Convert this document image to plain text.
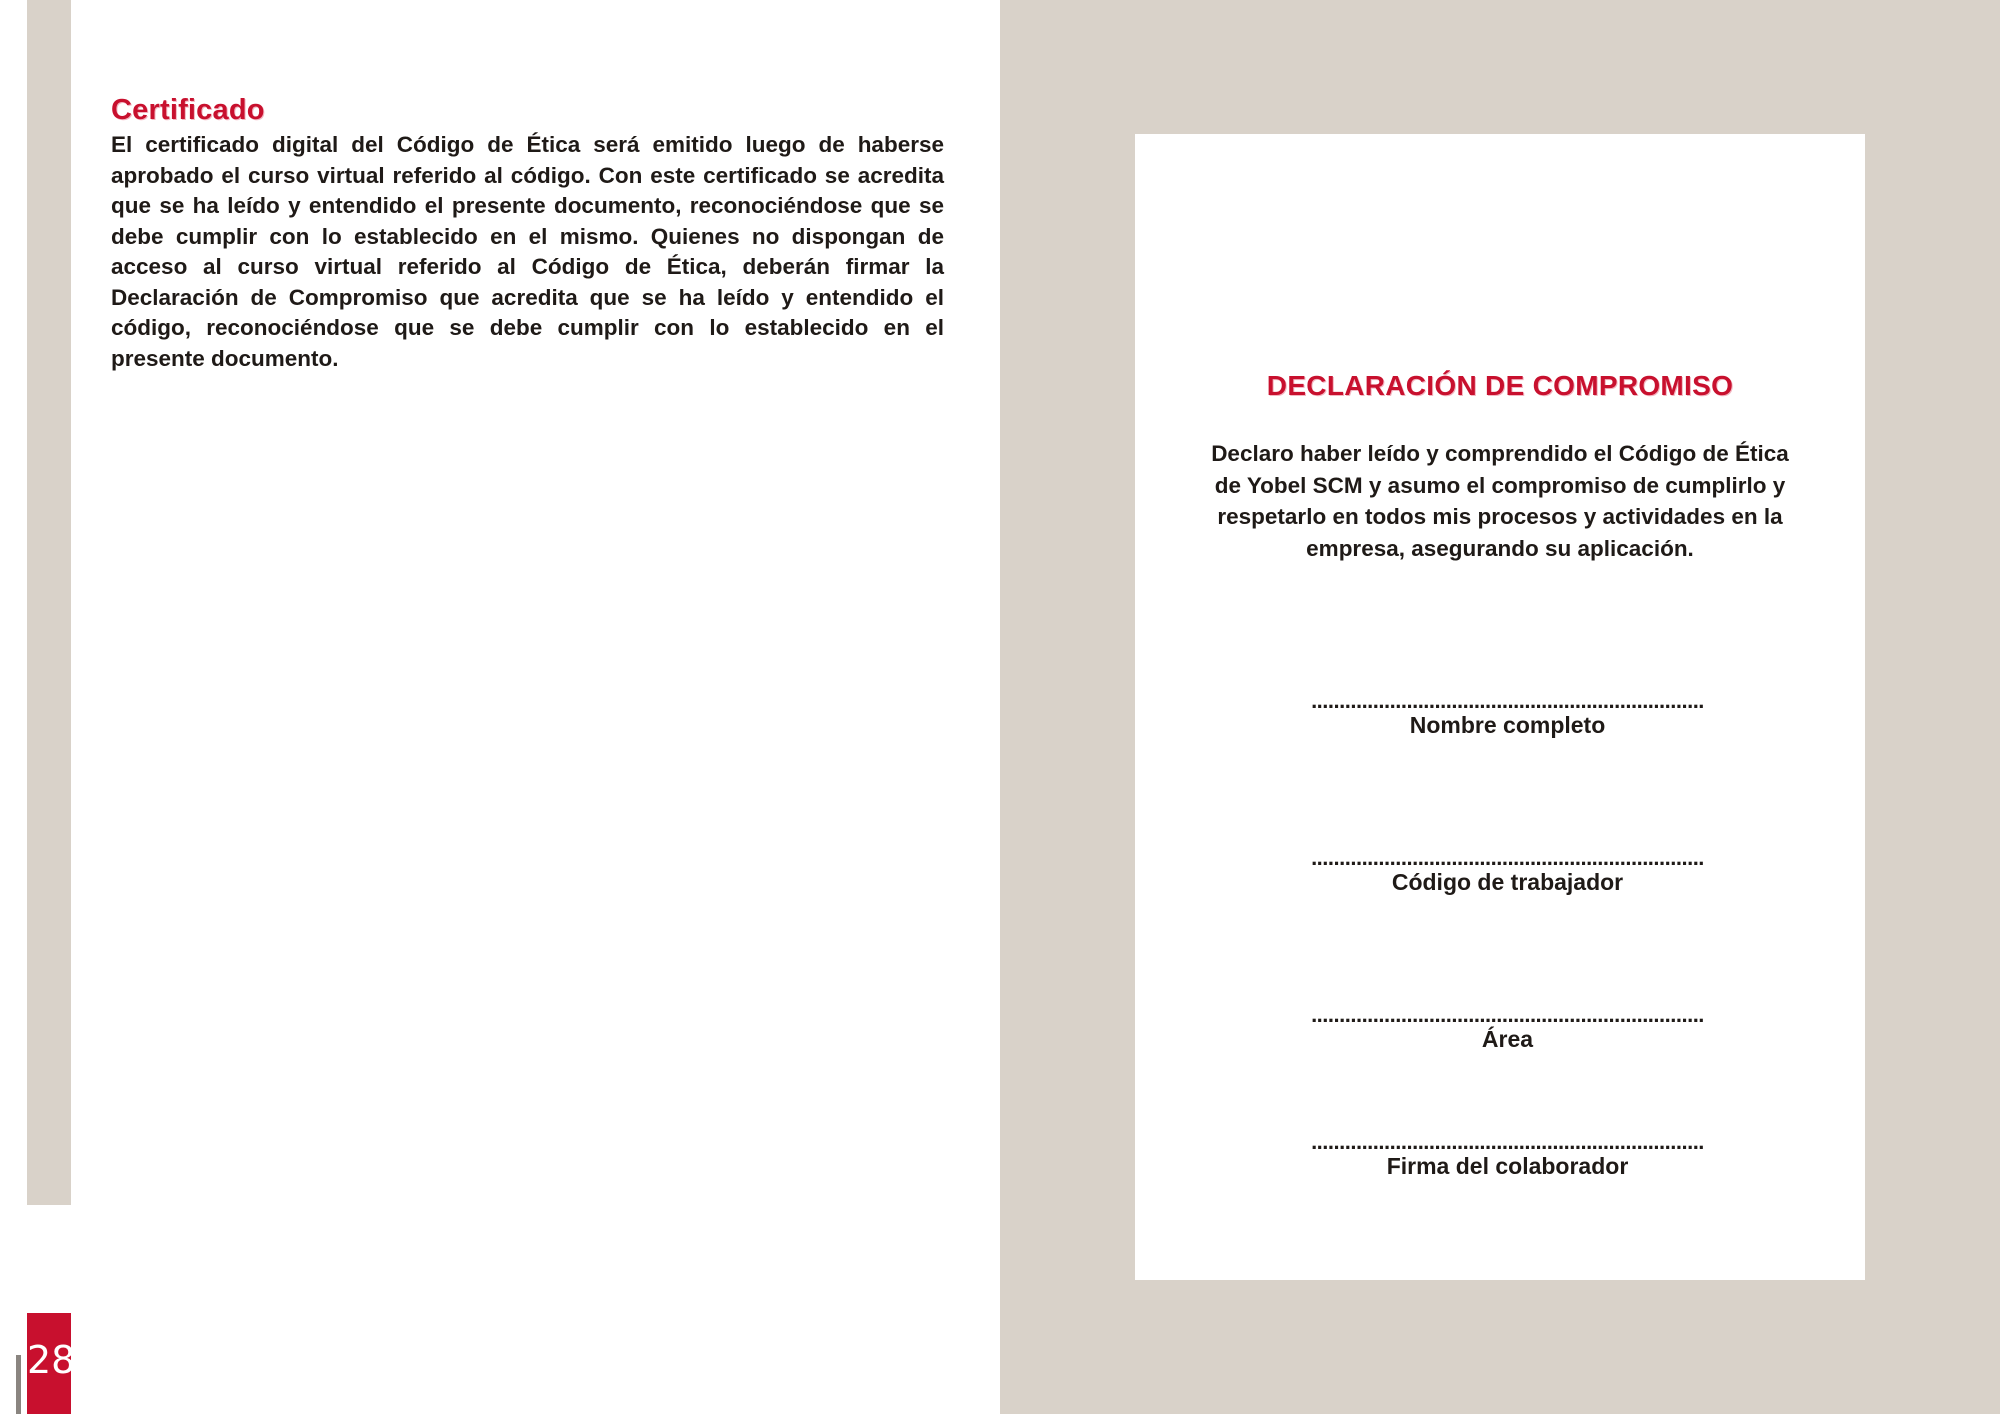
28
Certificado

El certificado digital del Código de Ética será emitido luego de haberse aprobado el curso virtual referido al código. Con este certificado se acredita que se ha leído y entendido el presente documento, reconociéndose que se debe cumplir con lo establecido en el mismo. Quienes no dispongan de acceso al curso virtual referido al Código de Ética, deberán firmar la Declaración de Compromiso que acredita que se ha leído y entendido el código, reconociéndose que se debe cumplir con lo establecido en el presente documento.

DECLARACIÓN DE COMPROMISO

Declaro haber leído y comprendido el Código de Ética de Yobel SCM y asumo el compromiso de cumplirlo y respetarlo en todos mis procesos y actividades en la empresa, asegurando su aplicación.

......................................................................
Nombre completo
......................................................................
Código de trabajador
......................................................................
Área
......................................................................
Firma del colaborador
